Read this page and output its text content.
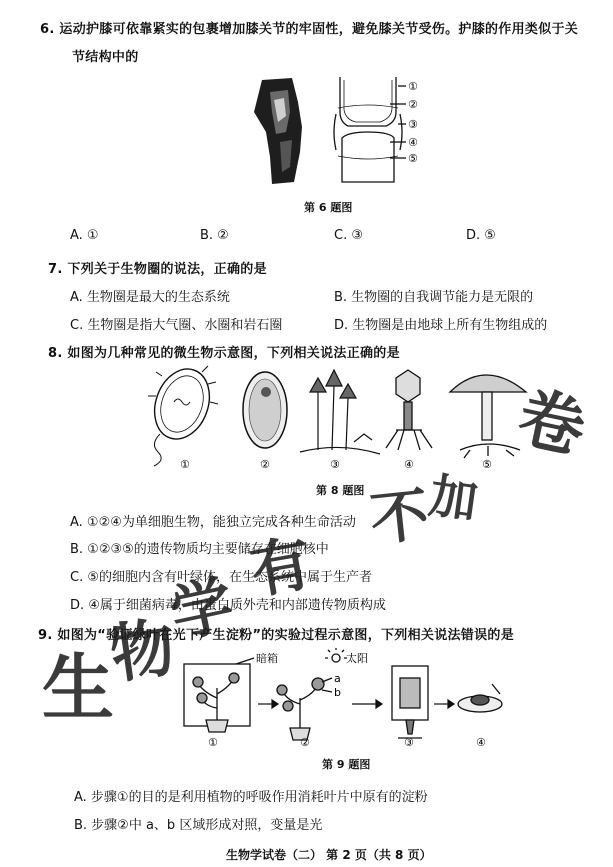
6. 运动护膝可依靠紧实的包裹增加膝关节的牢固性，避免膝关节受伤。护膝的作用类似于关
节结构中的
①
②
③
④
⑤
第 6 题图
A. ①	B. ②	C. ③	D. ⑤
7. 下列关于生物圈的说法，正确的是
A. 生物圈是最大的生态系统	B. 生物圈的自我调节能力是无限的
C. 生物圈是指大气圈、水圈和岩石圈	D. 生物圈是由地球上所有生物组成的
8. 如图为几种常见的微生物示意图，下列相关说法正确的是
①	②	③	④	⑤
第 8 题图
A. ①②④为单细胞生物，能独立完成各种生命活动
B. ①②③⑤的遗传物质均主要储存在细胞核中
C. ⑤的细胞内含有叶绿体，在生态系统中属于生产者
D. ④属于细菌病毒，由蛋白质外壳和内部遗传物质构成
9. 如图为“验证绿叶在光下产生淀粉”的实验过程示意图，下列相关说法错误的是
暗箱	太阳
a
b
①	②	③	④
第 9 题图
A. 步骤①的目的是利用植物的呼吸作用消耗叶片中原有的淀粉
B. 步骤②中 a、b 区域形成对照，变量是光
生物学试卷（二） 第 2 页（共 8 页）
生
物
学 有
卷
不
加
